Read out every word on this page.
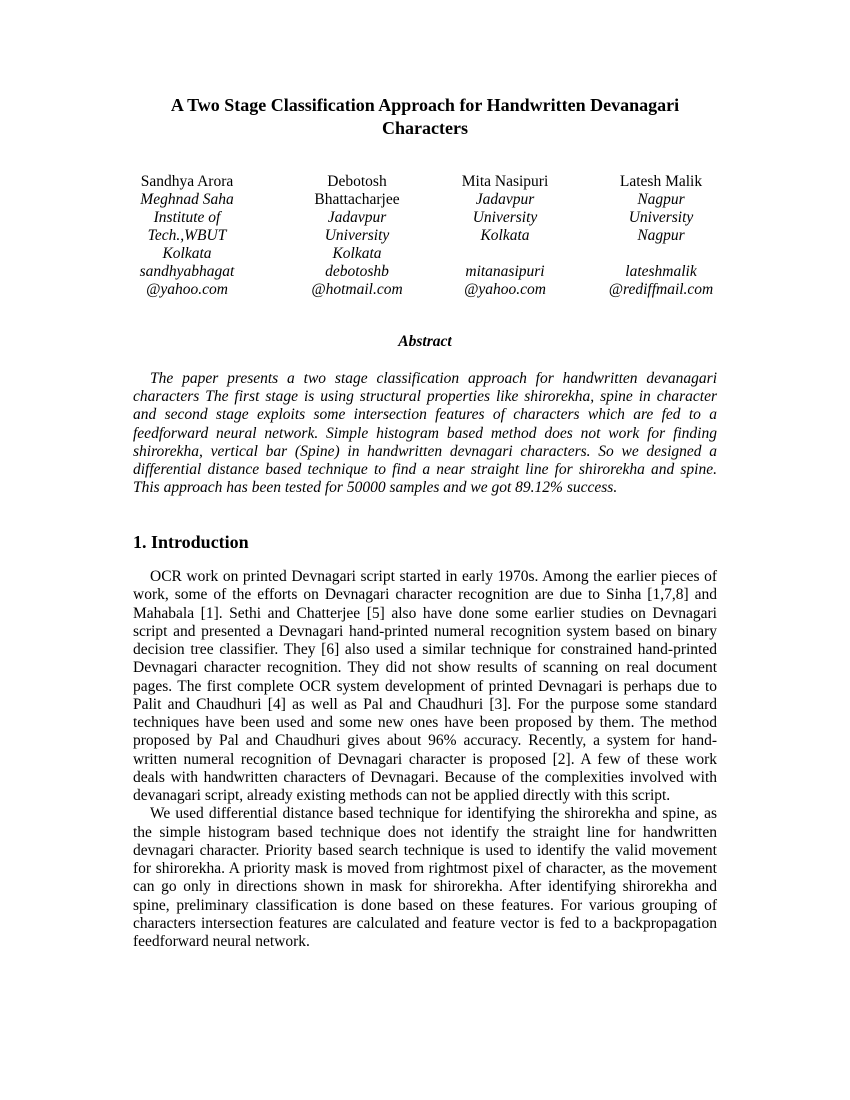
A Two Stage Classification Approach for Handwritten Devanagari Characters
Sandhya Arora
Meghnad Saha
Institute of
Tech.,WBUT
Kolkata
sandhyabhagat
@yahoo.com
Debotosh
Bhattacharjee
Jadavpur
University
Kolkata
debotoshb
@hotmail.com
Mita Nasipuri
Jadavpur
University
Kolkata
mitanasipuri
@yahoo.com
Latesh Malik
Nagpur
University
Nagpur
lateshmalik
@rediffmail.com
Abstract

The paper presents a two stage classification approach for handwritten devanagari characters The first stage is using structural properties like shirorekha, spine in character and second stage exploits some intersection features of characters which are fed to a feedforward neural network. Simple histogram based method does not work for finding shirorekha, vertical bar (Spine) in handwritten devnagari characters. So we designed a differential distance based technique to find a near straight line for shirorekha and spine. This approach has been tested for 50000 samples and we got 89.12% success.

1. Introduction

OCR work on printed Devnagari script started in early 1970s. Among the earlier pieces of work, some of the efforts on Devnagari character recognition are due to Sinha [1,7,8] and Mahabala [1]. Sethi and Chatterjee [5] also have done some earlier studies on Devnagari script and presented a Devnagari hand-printed numeral recognition system based on binary decision tree classifier. They [6] also used a similar technique for constrained hand-printed Devnagari character recognition. They did not show results of scanning on real document pages. The first complete OCR system development of printed Devnagari is perhaps due to Palit and Chaudhuri [4] as well as Pal and Chaudhuri [3]. For the purpose some standard techniques have been used and some new ones have been proposed by them. The method proposed by Pal and Chaudhuri gives about 96% accuracy. Recently, a system for hand-written numeral recognition of Devnagari character is proposed [2]. A few of these work deals with handwritten characters of Devnagari. Because of the complexities involved with devanagari script, already existing methods can not be applied directly with this script.

We used differential distance based technique for identifying the shirorekha and spine, as the simple histogram based technique does not identify the straight line for handwritten devnagari character. Priority based search technique is used to identify the valid movement for shirorekha. A priority mask is moved from rightmost pixel of character, as the movement can go only in directions shown in mask for shirorekha. After identifying shirorekha and spine, preliminary classification is done based on these features. For various grouping of characters intersection features are calculated and feature vector is fed to a backpropagation feedforward neural network.
